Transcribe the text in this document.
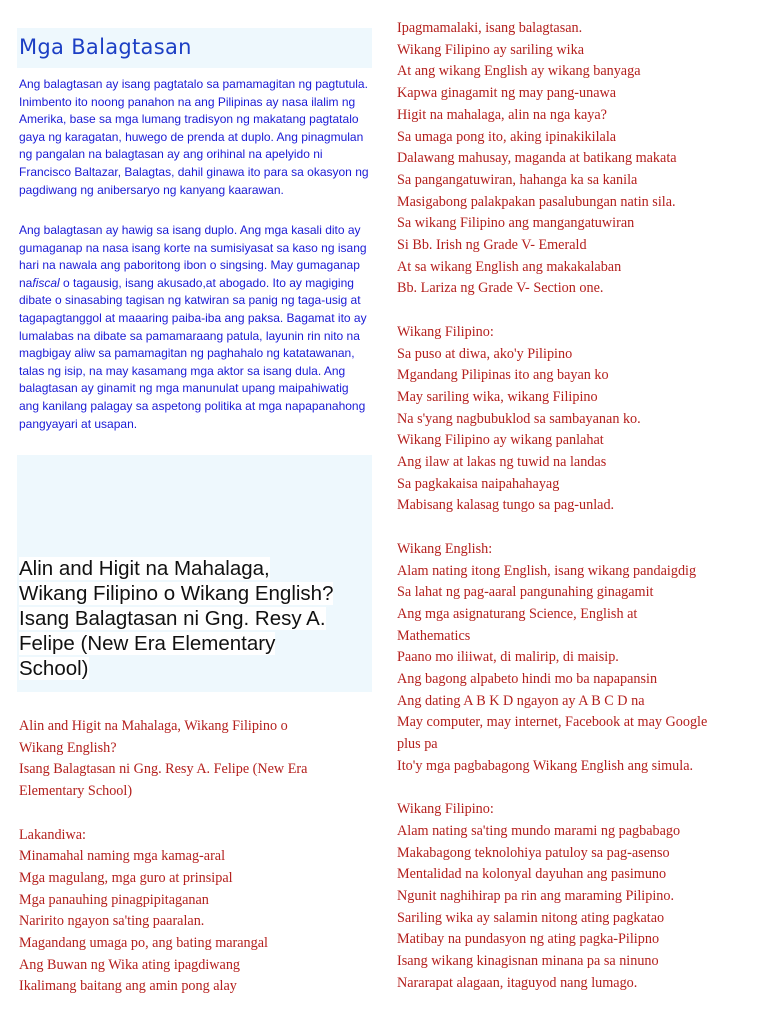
Mga Balagtasan

Ang balagtasan ay isang pagtatalo sa pamamagitan ng pagtutula. Inimbento ito noong panahon na ang Pilipinas ay nasa ilalim ng Amerika, base sa mga lumang tradisyon ng makatang pagtatalo gaya ng karagatan, huwego de prenda at duplo. Ang pinagmulan ng pangalan na balagtasan ay ang orihinal na apelyido ni Francisco Baltazar, Balagtas, dahil ginawa ito para sa okasyon ng pagdiwang ng anibersaryo ng kanyang kaarawan.

Ang balagtasan ay hawig sa isang duplo. Ang mga kasali dito ay gumaganap na nasa isang korte na sumisiyasat sa kaso ng isang hari na nawala ang paboritong ibon o singsing. May gumaganap nafiscal o tagausig, isang akusado,at abogado. Ito ay magiging dibate o sinasabing tagisan ng katwiran sa panig ng taga-usig at tagapagtanggol at maaaring paiba-iba ang paksa. Bagamat ito ay lumalabas na dibate sa pamamaraang patula, layunin rin nito na magbigay aliw sa pamamagitan ng paghahalo ng katatawanan, talas ng isip, na may kasamang mga aktor sa isang dula. Ang balagtasan ay ginamit ng mga manunulat upang maipahiwatig ang kanilang palagay sa aspetong politika at mga napapanahong pangyayari at usapan.

Alin and Higit na Mahalaga,
Wikang Filipino o Wikang English?
Isang Balagtasan ni Gng. Resy A.
Felipe (New Era Elementary
School)
Alin and Higit na Mahalaga, Wikang Filipino o
Wikang English?
Isang Balagtasan ni Gng. Resy A. Felipe (New Era
Elementary School)
Lakandiwa:
Minamahal naming mga kamag-aral
Mga magulang, mga guro at prinsipal
Mga panauhing pinagpipitaganan
Naririto ngayon sa'ting paaralan.
Magandang umaga po, ang bating marangal
Ang Buwan ng Wika ating ipagdiwang
Ikalimang baitang ang amin pong alay
Ipagmamalaki, isang balagtasan.
Wikang Filipino ay sariling wika
At ang wikang English ay wikang banyaga
Kapwa ginagamit ng may pang-unawa
Higit na mahalaga, alin na nga kaya?
Sa umaga pong ito, aking ipinakikilala
Dalawang mahusay, maganda at batikang makata
Sa pangangatuwiran, hahanga ka sa kanila
Masigabong palakpakan pasalubungan natin sila.
Sa wikang Filipino ang mangangatuwiran
Si Bb. Irish ng Grade V- Emerald
At sa wikang English ang makakalaban
Bb. Lariza ng Grade V- Section one.
Wikang Filipino:
Sa puso at diwa, ako'y Pilipino
Mgandang Pilipinas ito ang bayan ko
May sariling wika, wikang Filipino
Na s'yang nagbubuklod sa sambayanan ko.
Wikang Filipino ay wikang panlahat
Ang ilaw at lakas ng tuwid na landas
Sa pagkakaisa naipahahayag
Mabisang kalasag tungo sa pag-unlad.
Wikang English:
Alam nating itong English, isang wikang pandaigdig
Sa lahat ng pag-aaral pangunahing ginagamit
Ang mga asignaturang Science, English at
Mathematics
Paano mo iliiwat, di malirip, di maisip.
Ang bagong alpabeto hindi mo ba napapansin
Ang dating A B K D ngayon ay A B C D na
May computer, may internet, Facebook at may Google
plus pa
Ito'y mga pagbabagong Wikang English ang simula.
Wikang Filipino:
Alam nating sa'ting mundo marami ng pagbabago
Makabagong teknolohiya patuloy sa pag-asenso
Mentalidad na kolonyal dayuhan ang pasimuno
Ngunit naghihirap pa rin ang maraming Pilipino.
Sariling wika ay salamin nitong ating pagkatao
Matibay na pundasyon ng ating pagka-Pilipno
Isang wikang kinagisnan minana pa sa ninuno
Nararapat alagaan, itaguyod nang lumago.
